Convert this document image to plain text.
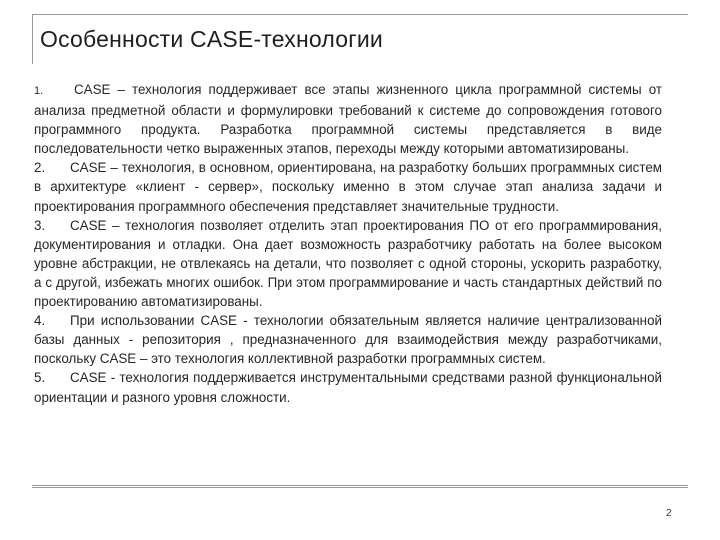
Особенности CASE-технологии

1. CASE – технология поддерживает все этапы жизненного цикла программной системы от анализа предметной области и формулировки требований к системе до сопровождения готового программного продукта. Разработка программной системы представляется в виде последовательности четко выраженных этапов, переходы между которыми автоматизированы.

2. CASE – технология, в основном, ориентирована, на разработку больших программных систем в архитектуре «клиент - сервер», поскольку именно в этом случае этап анализа задачи и проектирования программного обеспечения представляет значительные трудности.

3. CASE – технология позволяет отделить этап проектирования ПО от его программирования, документирования и отладки. Она дает возможность разработчику работать на более высоком уровне абстракции, не отвлекаясь на детали, что позволяет с одной стороны, ускорить разработку, а с другой, избежать многих ошибок. При этом программирование и часть стандартных действий по проектированию автоматизированы.

4. При использовании CASE - технологии обязательным является наличие централизованной базы данных - репозитория , предназначенного для взаимодействия между разработчиками, поскольку CASE – это технология коллективной разработки программных систем.

5. CASE - технология поддерживается инструментальными средствами разной функциональной ориентации и разного уровня сложности.

2
